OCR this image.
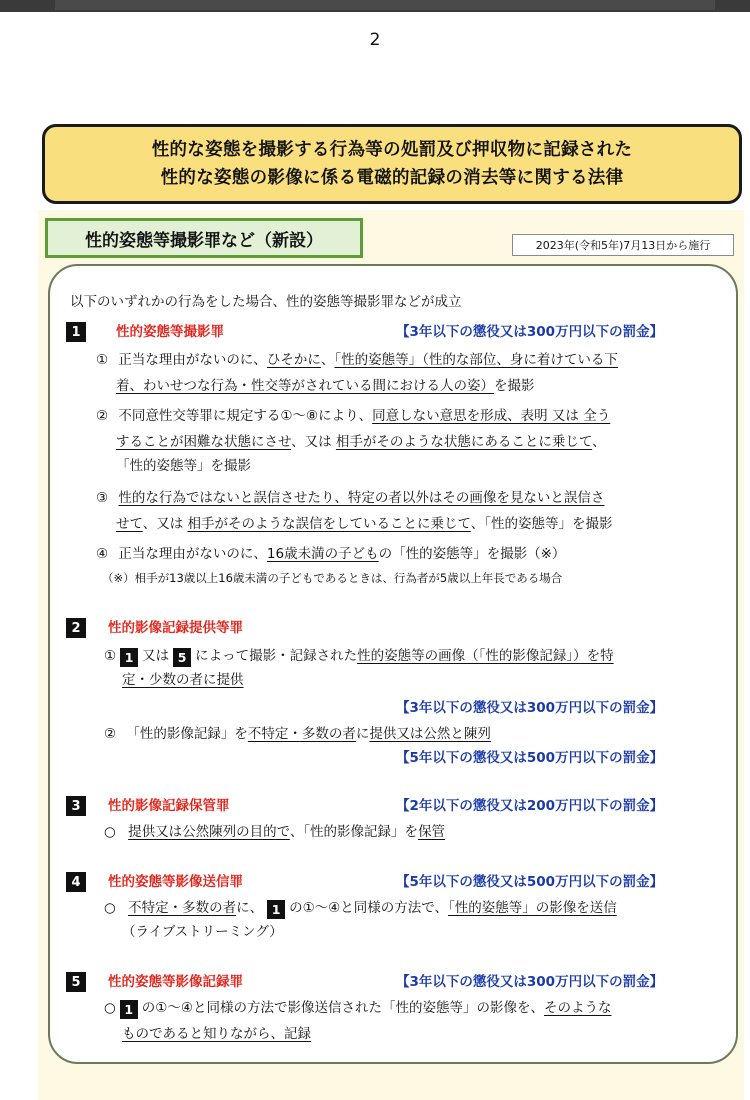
2
性的な姿態を撮影する行為等の処罰及び押収物に記録された
性的な姿態の影像に係る電磁的記録の消去等に関する法律
性的姿態等撮影罪など（新設）	2023年(令和5年)7月13日から施行
以下のいずれかの行為をした場合、性的姿態等撮影罪などが成立
1	性的姿態等撮影罪	【3年以下の懲役又は300万円以下の罰金】
① 正当な理由がないのに、ひそかに、「性的姿態等」（性的な部位、身に着けている下
着、わいせつな行為・性交等がされている間における人の姿）を撮影
② 不同意性交等罪に規定する①～⑧により、同意しない意思を形成、表明 又は 全う
することが困難な状態にさせ、又は 相手がそのような状態にあることに乗じて、
「性的姿態等」を撮影
③ 性的な行為ではないと誤信させたり、特定の者以外はその画像を見ないと誤信さ
せて、又は 相手がそのような誤信をしていることに乗じて、「性的姿態等」を撮影
④ 正当な理由がないのに、16歳未満の子どもの「性的姿態等」を撮影（※）
（※）相手が13歳以上16歳未満の子どもであるときは、行為者が5歳以上年長である場合
2	性的影像記録提供等罪
① 1 又は 5 によって撮影・記録された性的姿態等の画像（「性的影像記録」）を特
定・少数の者に提供
【3年以下の懲役又は300万円以下の罰金】
② 「性的影像記録」を不特定・多数の者に提供又は公然と陳列
【5年以下の懲役又は500万円以下の罰金】
3	性的影像記録保管罪	【2年以下の懲役又は200万円以下の罰金】
○ 提供又は公然陳列の目的で、「性的影像記録」を保管
4	性的姿態等影像送信罪	【5年以下の懲役又は500万円以下の罰金】
○ 不特定・多数の者に、 1 の①～④と同様の方法で、「性的姿態等」の影像を送信
（ライブストリーミング）
5	性的姿態等影像記録罪	【3年以下の懲役又は300万円以下の罰金】
○ 1 の①～④と同様の方法で影像送信された「性的姿態等」の影像を、そのような
ものであると知りながら、記録
